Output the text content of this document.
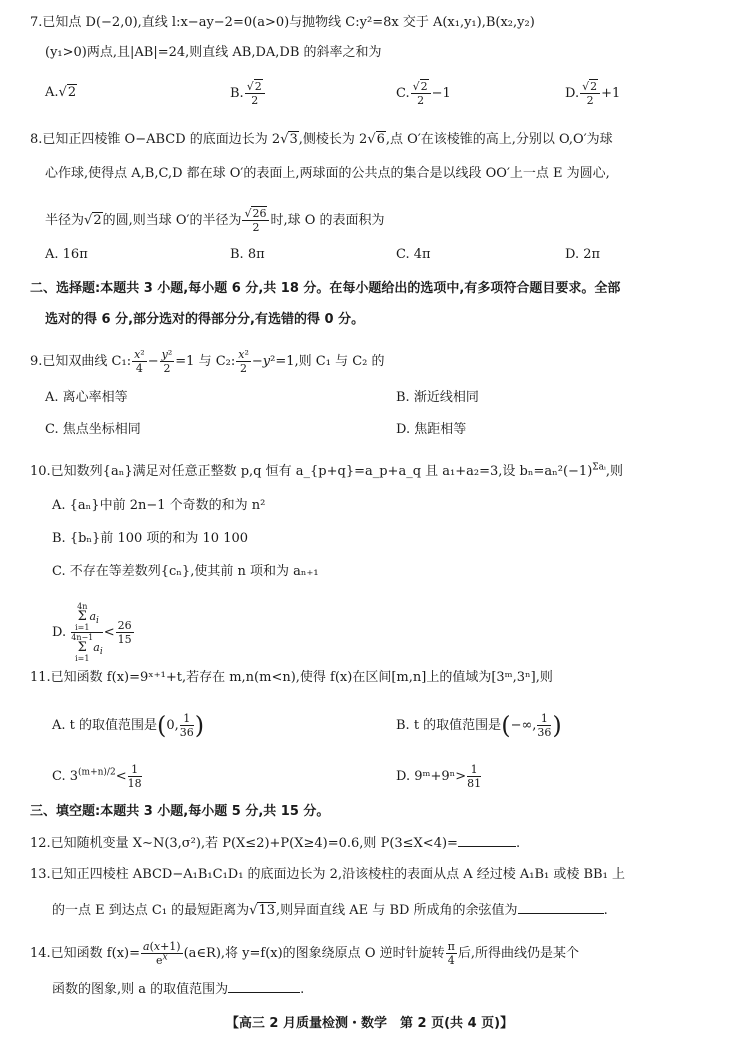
7.已知点 D(−2,0),直线 l:x−ay−2=0(a>0)与抛物线 C:y²=8x 交于 A(x₁,y₁),B(x₂,y₂)
(y₁>0)两点,且|AB|=24,则直线 AB,DA,DB 的斜率之和为
A.√2	B. $\frac{√2}{2}$	C. $\frac{√2}{2} -1$	D. $\frac{√2}{2} +1$
8.已知正四棱锥 O−ABCD 的底面边长为 2√3,侧棱长为 2√6,点 O′在该棱锥的高上,分别以 O,O′为球
心作球,使得点 A,B,C,D 都在球 O′的表面上,两球面的公共点的集合是以线段 OO′上一点 E 为圆心,
半径为√2的圆,则当球 O′的半径为 $\frac{√26}{2}$ 时,球 O 的表面积为
A. 16π	B. 8π	C. 4π	D. 2π
二、选择题:本题共 3 小题,每小题 6 分,共 18 分。在每小题给出的选项中,有多项符合题目要求。全部
选对的得 6 分,部分选对的得部分分,有选错的得 0 分。
9.已知双曲线 C₁: $\frac{\text{x²}}{4} - \frac{\text{y²}}{2} =1$ 与 C₂: $\frac{\text{x²}}{2} -y^2=1$,则 C₁ 与 C₂ 的
A. 离心率相等	B. 渐近线相同
C. 焦点坐标相同	D. 焦距相等
10.已知数列{aₙ}满足对任意正整数 p,q 恒有 a_{p+q}=a_p+a_q 且 a₁+a₂=3,设 $b_n=a_n^2(-1)^{\Sigma aᵢ}$,则
A. {aₙ}中前 2n−1 个奇数的和为 n²
B. {bₙ}前 100 项的和为 10 100
C. 不存在等差数列{cₙ},使其前 n 项和为 aₙ₊₁
D.
4n
Σ
$i=1a_i$
4n−1
Σ
$i=1a_i$
< $\frac{26}{15}$
11.已知函数 f(x)=9ˣ⁺¹+t,若存在 m,n(m<n),使得 f(x)在区间[m,n]上的值域为[3ᵐ,3ⁿ],则
A. t 的取值范围是(0, $\frac{1}{36}$ )	B. t 的取值范围是(−∞, $\frac{1}{36}$ )
C. $3^{(m+n)/2}< \frac{1}{18}$	D. 9ᵐ+9ⁿ> $\frac{1}{81}$
三、填空题:本题共 3 小题,每小题 5 分,共 15 分。
12.已知随机变量 X∼N(3,σ²),若 P(X≤2)+P(X≥4)=0.6,则 P(3≤X<4)=	.
13.已知正四棱柱 ABCD−A₁B₁C₁D₁ 的底面边长为 2,沿该棱柱的表面从点 A 经过棱 A₁B₁ 或棱 BB₁ 上
的一点 E 到达点 C₁ 的最短距离为√13,则异面直线 AE 与 BD 所成角的余弦值为	.
14.已知函数 $f(x)= \frac{a(x+1)}{e^x}$ (a∈R),将 y=f(x)的图象绕原点 O 逆时针旋转 $\frac{\pi}{4}$ 后,所得曲线仍是某个
函数的图象,则 a 的取值范围为	.
【高三 2 月质量检测・数学　第 2 页(共 4 页)】
